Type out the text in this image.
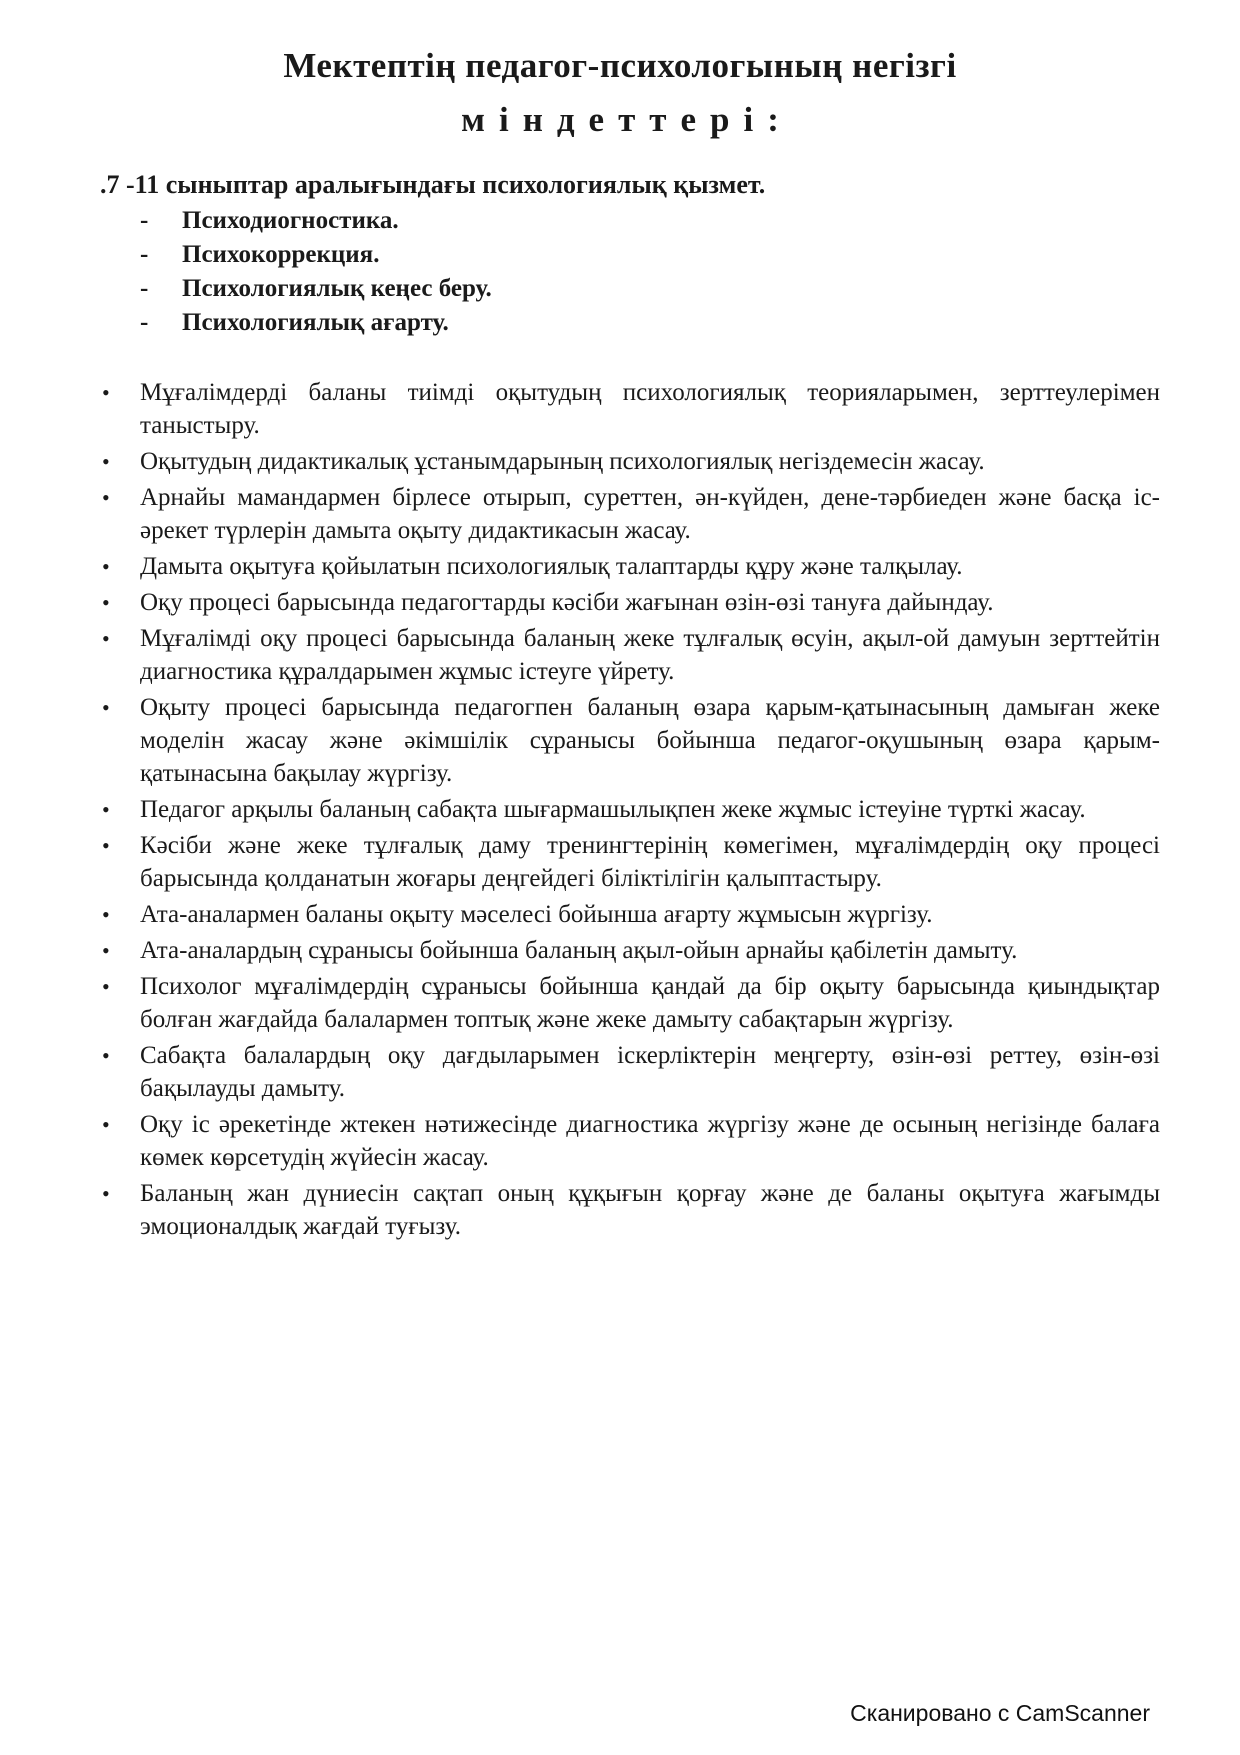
Мектептің педагог-психологының негізгі
міндеттері:

.7 -11 сыныптар аралығындағы психологиялық қызмет.

-	Психодиогностика.
-	Психокоррекция.
-	Психологиялық кеңес беру.
-	Психологиялық ағарту.
•	Мұғалімдерді баланы тиімді оқытудың психологиялық теорияларымен, зерттеулерімен таныстыру.
•	Оқытудың дидактикалық ұстанымдарының психологиялық негіздемесін жасау.
•	Арнайы мамандармен бірлесе отырып, суреттен, ән-күйден, дене-тәрбиеден және басқа іс-әрекет түрлерін дамыта оқыту дидактикасын жасау.
•	Дамыта оқытуға қойылатын психологиялық талаптарды құру және талқылау.
•	Оқу процесі барысында педагогтарды кәсіби жағынан өзін-өзі тануға дайындау.
•	Мұғалімді оқу процесі барысында баланың жеке тұлғалық өсуін, ақыл-ой дамуын зерттейтін диагностика құралдарымен жұмыс істеуге үйрету.
•	Оқыту процесі барысында педагогпен баланың өзара қарым-қатынасының дамыған жеке моделін жасау және әкімшілік сұранысы бойынша педагог-оқушының өзара қарым-қатынасына бақылау жүргізу.
•	Педагог арқылы баланың сабақта шығармашылықпен жеке жұмыс істеуіне түрткі жасау.
•	Кәсіби және жеке тұлғалық даму тренингтерінің көмегімен, мұғалімдердің оқу процесі барысында қолданатын жоғары деңгейдегі біліктілігін қалыптастыру.
•	Ата-аналармен баланы оқыту мәселесі бойынша ағарту жұмысын жүргізу.
•	Ата-аналардың сұранысы бойынша баланың ақыл-ойын арнайы қабілетін дамыту.
•	Психолог мұғалімдердің сұранысы бойынша қандай да бір оқыту барысында қиындықтар болған жағдайда балалармен топтық және жеке дамыту сабақтарын жүргізу.
•	Сабақта балалардың оқу дағдыларымен іскерліктерін меңгерту, өзін-өзі реттеу, өзін-өзі бақылауды дамыту.
•	Оқу іс әрекетінде жтекен нәтижесінде диагностика жүргізу және де осының негізінде балаға көмек көрсетудің жүйесін жасау.
•	Баланың жан дүниесін сақтап оның құқығын қорғау және де баланы оқытуға жағымды эмоционалдық жағдай туғызу.
Сканировано с CamScanner
